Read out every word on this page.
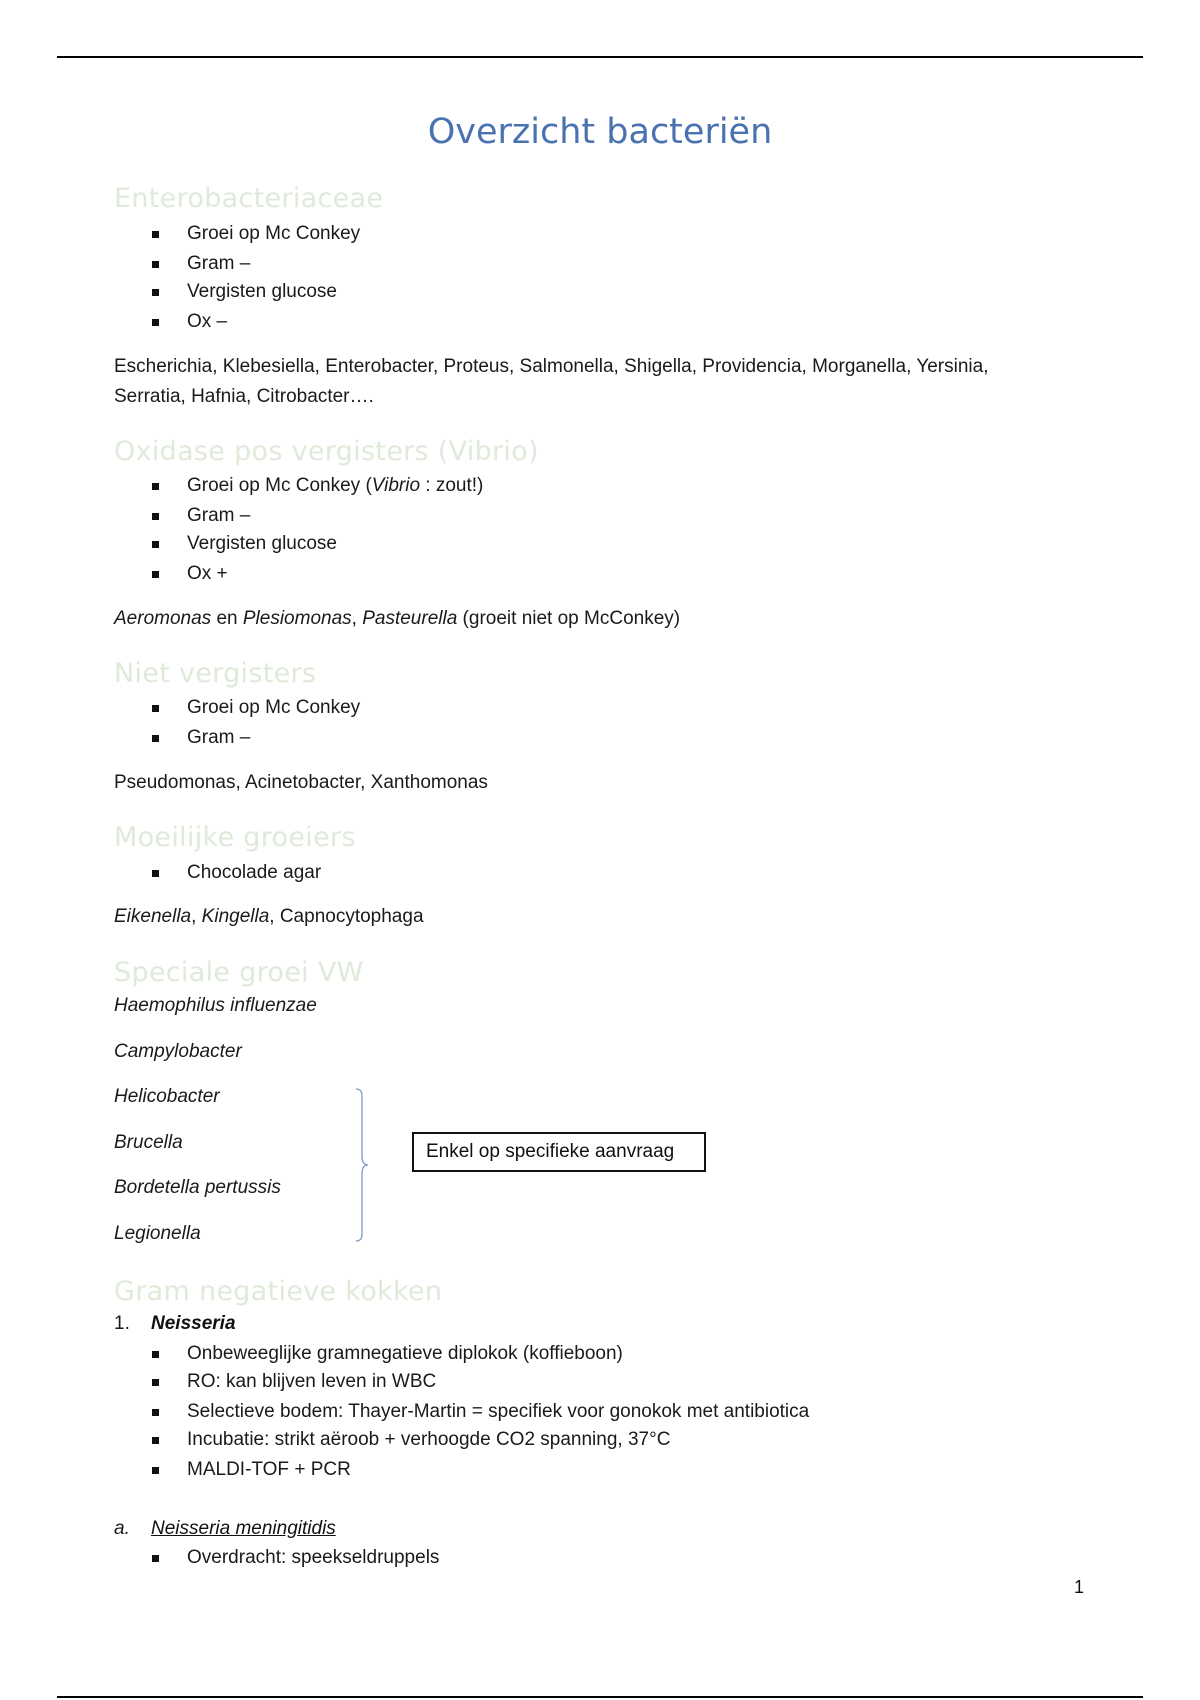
Overzicht bacteriën
Enterobacteriaceae
Groei op Mc Conkey
Gram –
Vergisten glucose
Ox –
Escherichia, Klebesiella, Enterobacter, Proteus, Salmonella, Shigella, Providencia, Morganella, Yersinia,
Serratia, Hafnia, Citrobacter….
Oxidase pos vergisters (Vibrio)
Groei op Mc Conkey (Vibrio : zout!)
Gram –
Vergisten glucose
Ox +
Aeromonas en Plesiomonas, Pasteurella (groeit niet op McConkey)
Niet vergisters
Groei op Mc Conkey
Gram –
Pseudomonas, Acinetobacter, Xanthomonas
Moeilijke groeiers
Chocolade agar
Eikenella, Kingella, Capnocytophaga
Speciale groei VW
Haemophilus influenzae
Campylobacter
Helicobacter
Brucella
Bordetella pertussis
Legionella
Enkel op specifieke aanvraag
Gram negatieve kokken
1. Neisseria
Onbeweeglijke gramnegatieve diplokok (koffieboon)
RO: kan blijven leven in WBC
Selectieve bodem: Thayer-Martin = specifiek voor gonokok met antibiotica
Incubatie: strikt aëroob + verhoogde CO2 spanning, 37°C
MALDI-TOF + PCR
a. Neisseria meningitidis
Overdracht: speekseldruppels
1
